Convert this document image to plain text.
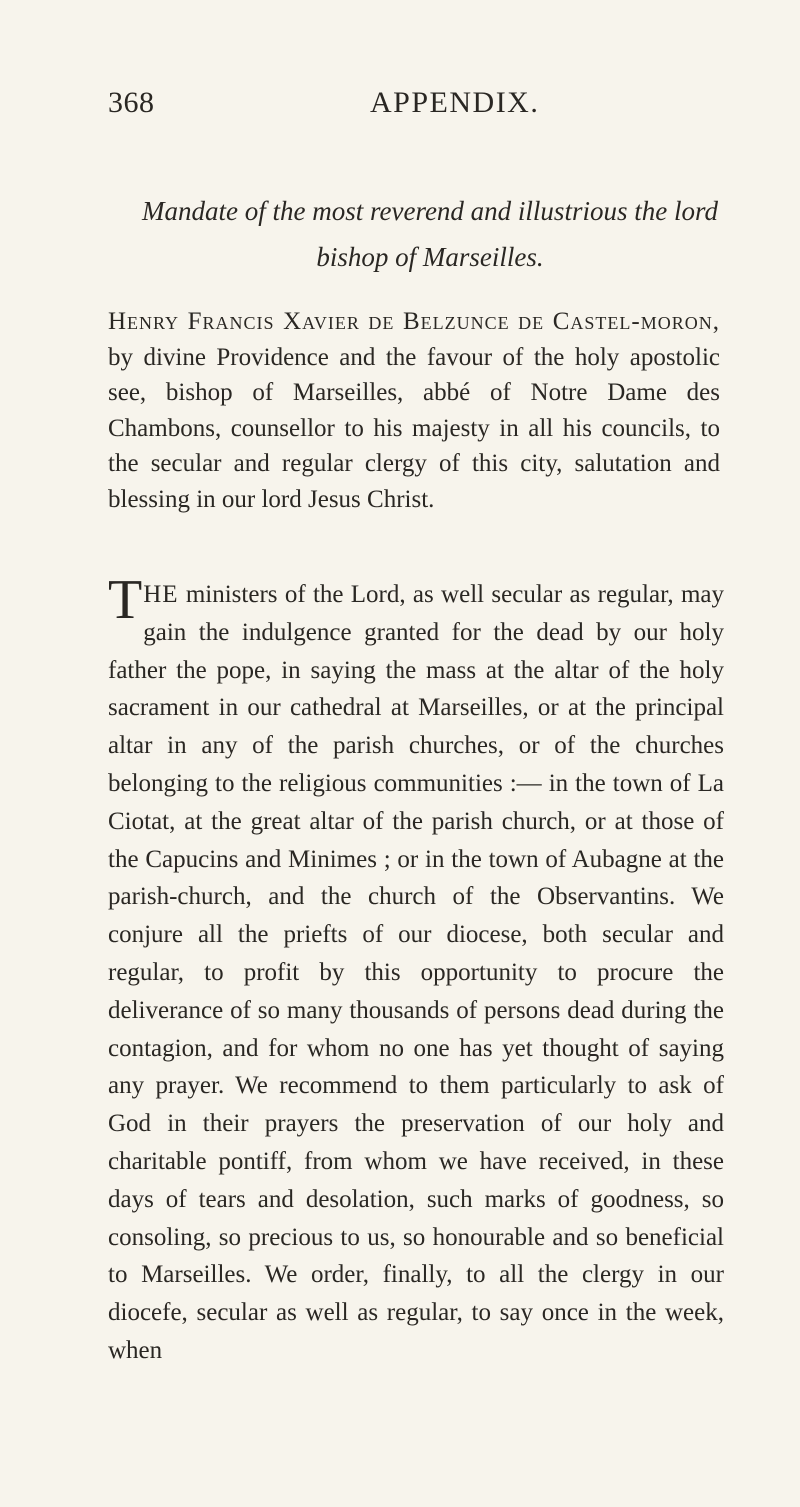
368	APPENDIX.
Mandate of the most reverend and illustrious the lord bishop of Marseilles.
Henry Francis Xavier de Belzunce de Castel-moron, by divine Providence and the favour of the holy apostolic see, bishop of Marseilles, abbé of Notre Dame des Chambons, counsellor to his majesty in all his councils, to the secular and regular clergy of this city, salutation and blessing in our lord Jesus Christ.
THE ministers of the Lord, as well secular as regular, may gain the indulgence granted for the dead by our holy father the pope, in saying the mass at the altar of the holy sacrament in our cathedral at Marseilles, or at the principal altar in any of the parish churches, or of the churches belonging to the religious communities :— in the town of La Ciotat, at the great altar of the parish church, or at those of the Capucins and Minimes ; or in the town of Aubagne at the parish-church, and the church of the Observantins. We conjure all the priefts of our diocese, both secular and regular, to profit by this opportunity to procure the deliverance of so many thousands of persons dead during the contagion, and for whom no one has yet thought of saying any prayer. We recommend to them particularly to ask of God in their prayers the preservation of our holy and charitable pontiff, from whom we have received, in these days of tears and desolation, such marks of goodness, so consoling, so precious to us, so honourable and so beneficial to Marseilles. We order, finally, to all the clergy in our diocefe, secular as well as regular, to say once in the week, when
